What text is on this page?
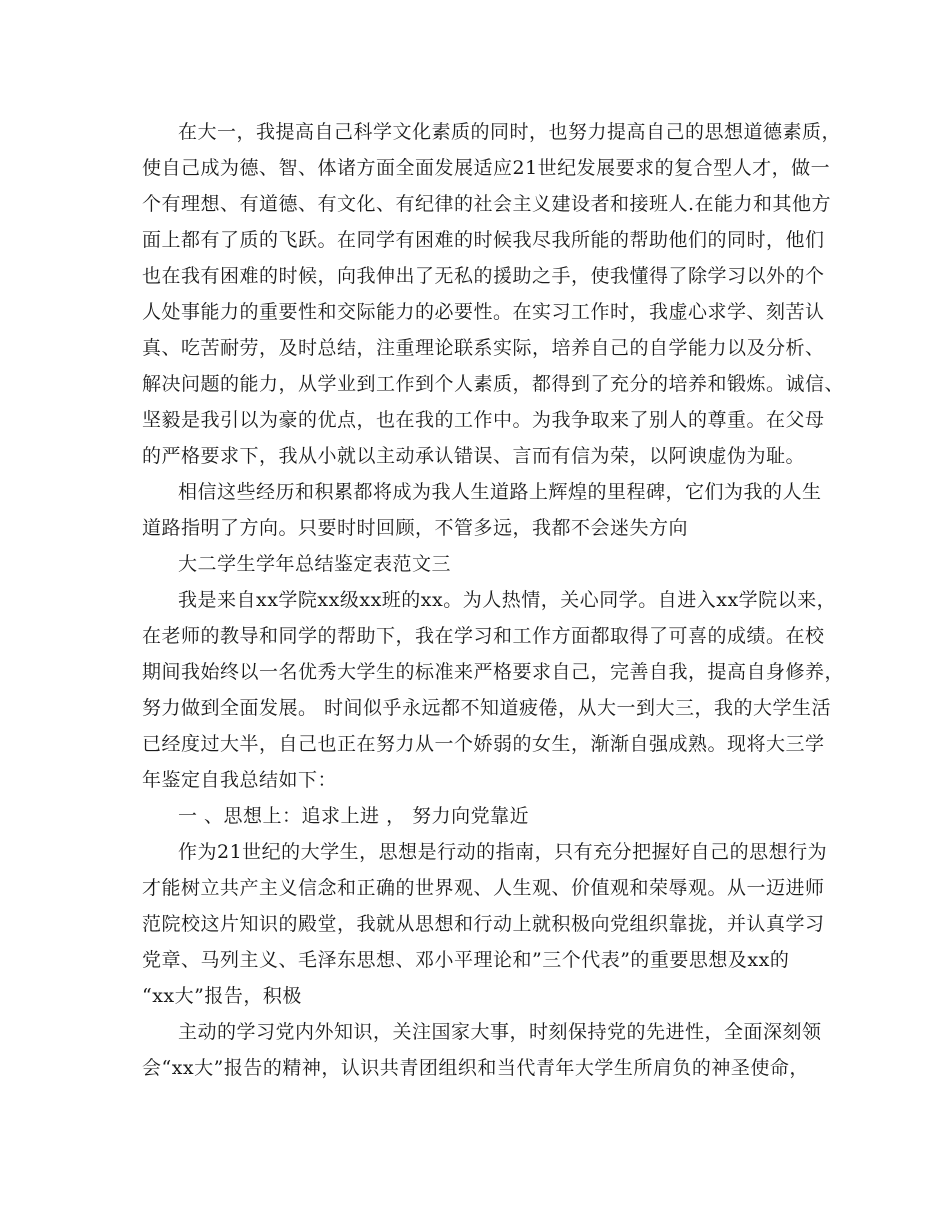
在大一，我提高自己科学文化素质的同时，也努力提高自己的思想道德素质，
使自己成为德、智、体诸方面全面发展适应21世纪发展要求的复合型人才，做一
个有理想、有道德、有文化、有纪律的社会主义建设者和接班人.在能力和其他方
面上都有了质的飞跃。在同学有困难的时候我尽我所能的帮助他们的同时，他们
也在我有困难的时候，向我伸出了无私的援助之手，使我懂得了除学习以外的个
人处事能力的重要性和交际能力的必要性。在实习工作时，我虚心求学、刻苦认
真、吃苦耐劳，及时总结，注重理论联系实际，培养自己的自学能力以及分析、
解决问题的能力，从学业到工作到个人素质，都得到了充分的培养和锻炼。诚信、
坚毅是我引以为豪的优点，也在我的工作中。为我争取来了别人的尊重。在父母
的严格要求下，我从小就以主动承认错误、言而有信为荣，以阿谀虚伪为耻。
相信这些经历和积累都将成为我人生道路上辉煌的里程碑，它们为我的人生
道路指明了方向。只要时时回顾，不管多远，我都不会迷失方向
大二学生学年总结鉴定表范文三
我是来自xx学院xx级xx班的xx。为人热情，关心同学。自进入xx学院以来，
在老师的教导和同学的帮助下，我在学习和工作方面都取得了可喜的成绩。在校
期间我始终以一名优秀大学生的标准来严格要求自己，完善自我，提高自身修养，
努力做到全面发展。 时间似乎永远都不知道疲倦，从大一到大三，我的大学生活
已经度过大半，自己也正在努力从一个娇弱的女生，渐渐自强成熟。现将大三学
年鉴定自我总结如下：
一 、思想上：追求上进 ， 努力向党靠近
作为21世纪的大学生，思想是行动的指南，只有充分把握好自己的思想行为
才能树立共产主义信念和正确的世界观、人生观、价值观和荣辱观。从一迈进师
范院校这片知识的殿堂，我就从思想和行动上就积极向党组织靠拢，并认真学习
党章、马列主义、毛泽东思想、邓小平理论和”三个代表”的重要思想及xx的
“xx大”报告，积极
主动的学习党内外知识，关注国家大事，时刻保持党的先进性，全面深刻领
会“xx大”报告的精神，认识共青团组织和当代青年大学生所肩负的神圣使命，
